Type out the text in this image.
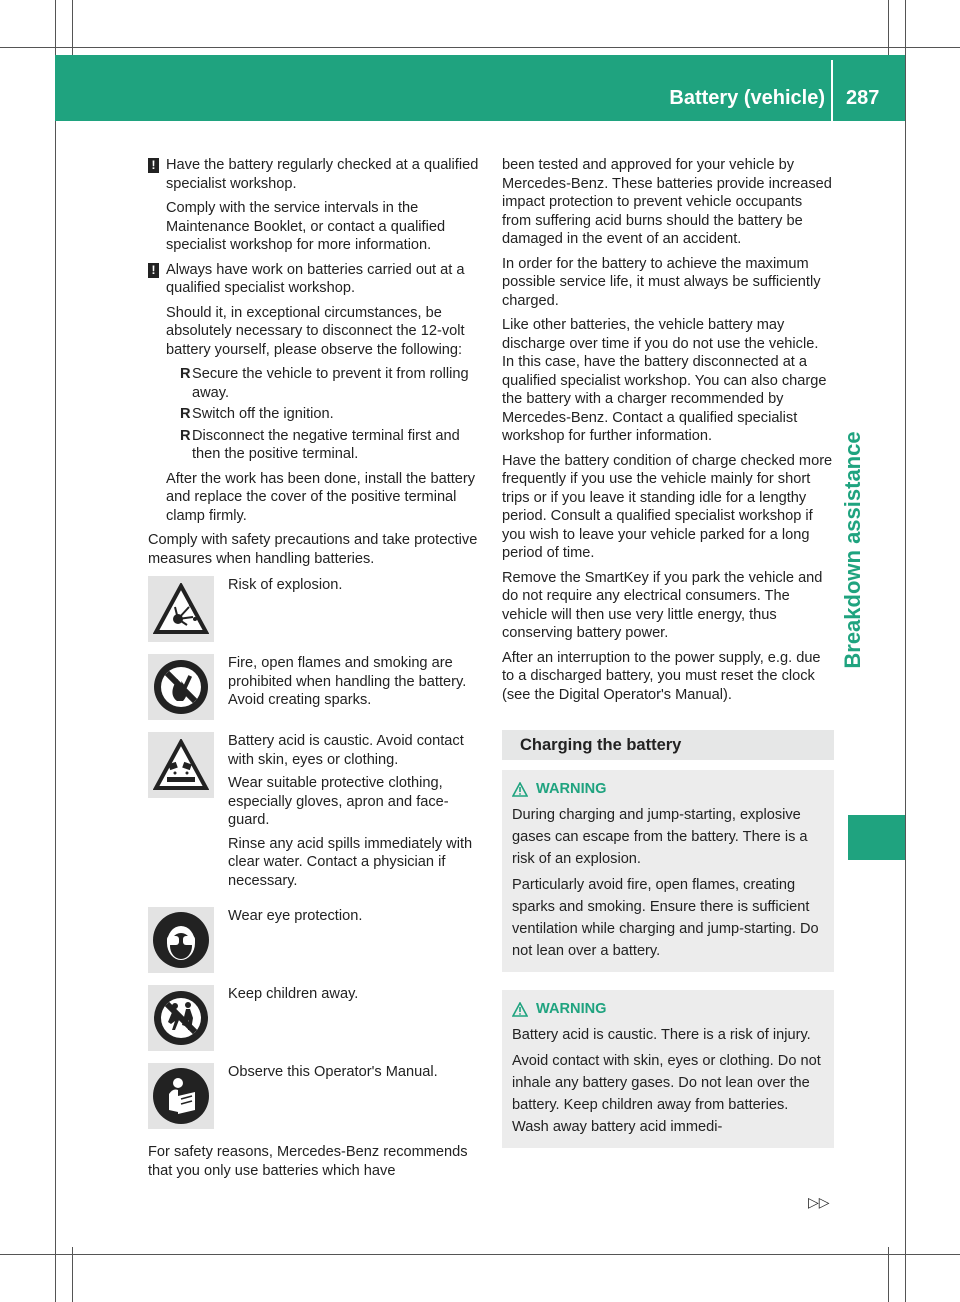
Battery (vehicle) 287
Breakdown assistance
! Have the battery regularly checked at a qualified specialist workshop.

Comply with the service intervals in the Maintenance Booklet, or contact a qualified specialist workshop for more information.

! Always have work on batteries carried out at a qualified specialist workshop.

Should it, in exceptional circumstances, be absolutely necessary to disconnect the 12-volt battery yourself, please observe the following:

R Secure the vehicle to prevent it from rolling away.
R Switch off the ignition.
R Disconnect the negative terminal first and then the positive terminal.

After the work has been done, install the battery and replace the cover of the positive terminal clamp firmly.

Comply with safety precautions and take protective measures when handling batteries.

Risk of explosion.

Fire, open flames and smoking are prohibited when handling the battery. Avoid creating sparks.

Battery acid is caustic. Avoid contact with skin, eyes or clothing.

Wear suitable protective clothing, especially gloves, apron and face-guard.

Rinse any acid spills immediately with clear water. Contact a physician if necessary.

Wear eye protection.

Keep children away.

Observe this Operator's Manual.

For safety reasons, Mercedes-Benz recommends that you only use batteries which have

been tested and approved for your vehicle by Mercedes-Benz. These batteries provide increased impact protection to prevent vehicle occupants from suffering acid burns should the battery be damaged in the event of an accident.

In order for the battery to achieve the maximum possible service life, it must always be sufficiently charged.

Like other batteries, the vehicle battery may discharge over time if you do not use the vehicle. In this case, have the battery disconnected at a qualified specialist workshop. You can also charge the battery with a charger recommended by Mercedes-Benz. Contact a qualified specialist workshop for further information.

Have the battery condition of charge checked more frequently if you use the vehicle mainly for short trips or if you leave it standing idle for a lengthy period. Consult a qualified specialist workshop if you wish to leave your vehicle parked for a long period of time.

Remove the SmartKey if you park the vehicle and do not require any electrical consumers. The vehicle will then use very little energy, thus conserving battery power.

After an interruption to the power supply, e.g. due to a discharged battery, you must reset the clock (see the Digital Operator's Manual).

Charging the battery
WARNING

During charging and jump-starting, explosive gases can escape from the battery. There is a risk of an explosion.

Particularly avoid fire, open flames, creating sparks and smoking. Ensure there is sufficient ventilation while charging and jump-starting. Do not lean over a battery.

WARNING

Battery acid is caustic. There is a risk of injury.

Avoid contact with skin, eyes or clothing. Do not inhale any battery gases. Do not lean over the battery. Keep children away from batteries. Wash away battery acid immedi-

▷▷
